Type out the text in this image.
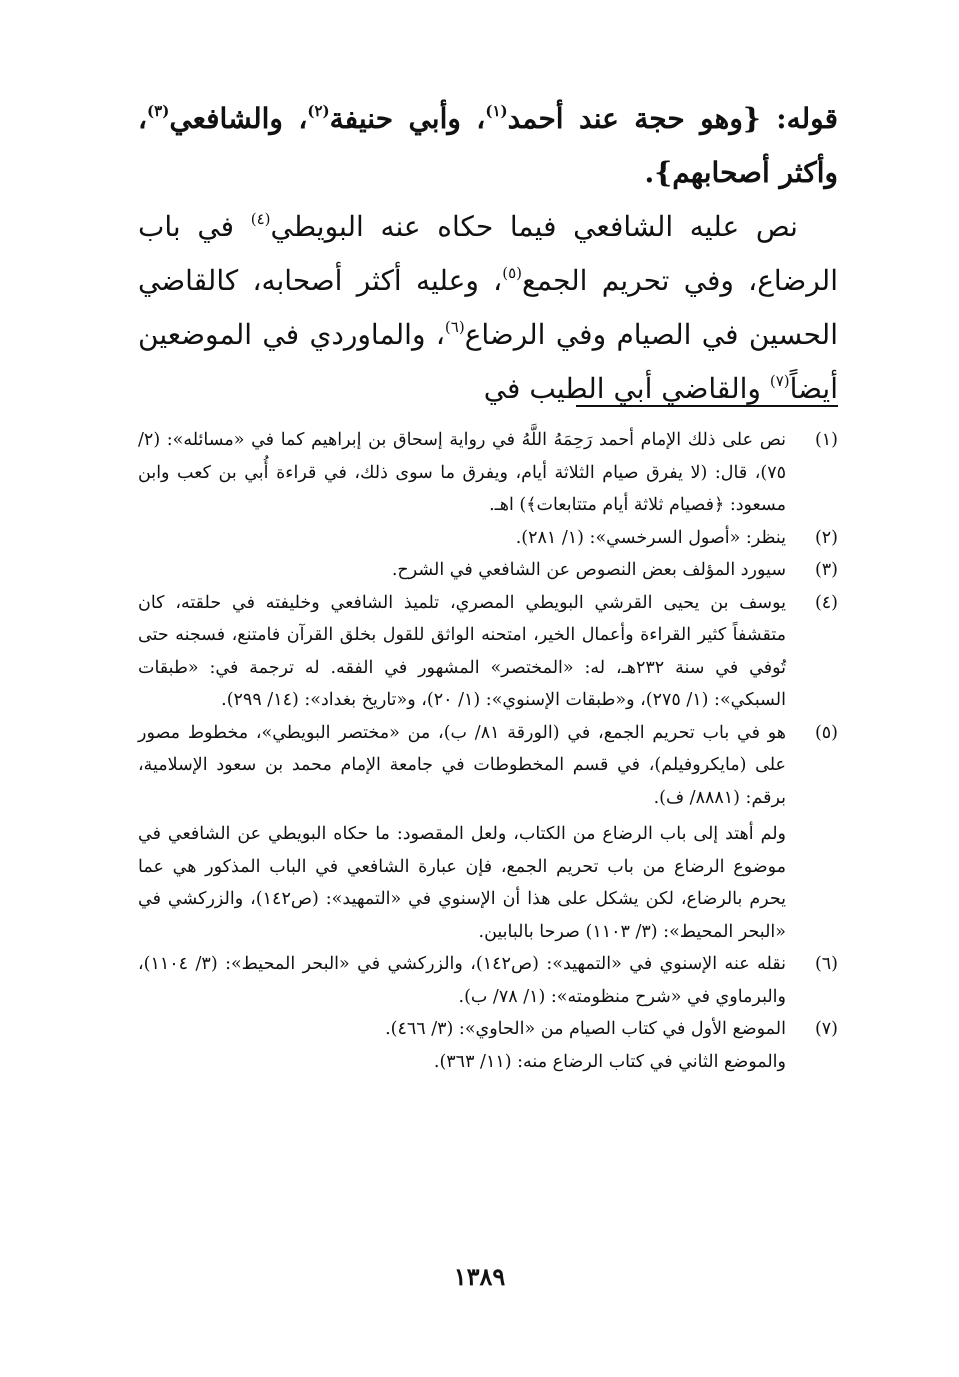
قوله: {وهو حجة عند أحمد$^{(١)}$، وأبي حنيفة$^{(٢)}$، والشافعي$^{(٣)}$، وأكثر أصحابهم}.

نص عليه الشافعي فيما حكاه عنه البويطي$^{(٤)}$ في باب الرضاع، وفي تحريم الجمع$^{(٥)}$، وعليه أكثر أصحابه، كالقاضي الحسين في الصيام وفي الرضاع$^{(٦)}$، والماوردي في الموضعين أيضاً$^{(٧)}$ والقاضي أبي الطيب في

(١)
نص على ذلك الإمام أحمد رَحِمَهُ اللَّهُ في رواية إسحاق بن إبراهيم كما في «مسائله»: (٢/ ٧٥)، قال: (لا يفرق صيام الثلاثة أيام، ويفرق ما سوى ذلك، في قراءة أُبي بن كعب وابن مسعود: ﴿فصيام ثلاثة أيام متتابعات﴾) اهـ.
(٢)
ينظر: «أصول السرخسي»: (١/ ٢٨١).
(٣)
سيورد المؤلف بعض النصوص عن الشافعي في الشرح.
(٤)
يوسف بن يحيى القرشي البويطي المصري، تلميذ الشافعي وخليفته في حلقته، كان متقشفاً كثير القراءة وأعمال الخير، امتحنه الواثق للقول بخلق القرآن فامتنع، فسجنه حتى تُوفي في سنة ٢٣٢هـ، له: «المختصر» المشهور في الفقه. له ترجمة في: «طبقات السبكي»: (١/ ٢٧٥)، و«طبقات الإسنوي»: (١/ ٢٠)، و«تاريخ بغداد»: (١٤/ ٢٩٩).
(٥)
هو في باب تحريم الجمع، في (الورقة ٨١/ ب)، من «مختصر البويطي»، مخطوط مصور على (مايكروفيلم)، في قسم المخطوطات في جامعة الإمام محمد بن سعود الإسلامية، برقم: (٨٨٨١/ ف).
ولم أهتد إلى باب الرضاع من الكتاب، ولعل المقصود: ما حكاه البويطي عن الشافعي في موضوع الرضاع من باب تحريم الجمع، فإن عبارة الشافعي في الباب المذكور هي عما يحرم بالرضاع، لكن يشكل على هذا أن الإسنوي في «التمهيد»: (ص١٤٢)، والزركشي في «البحر المحيط»: (٣/ ١١٠٣) صرحا بالبابين.
(٦)
نقله عنه الإسنوي في «التمهيد»: (ص١٤٢)، والزركشي في «البحر المحيط»: (٣/ ١١٠٤)، والبرماوي في «شرح منظومته»: (١/ ٧٨/ ب).
(٧)
الموضع الأول في كتاب الصيام من «الحاوي»: (٣/ ٤٦٦).
والموضع الثاني في كتاب الرضاع منه: (١١/ ٣٦٣).
١٣٨٩
